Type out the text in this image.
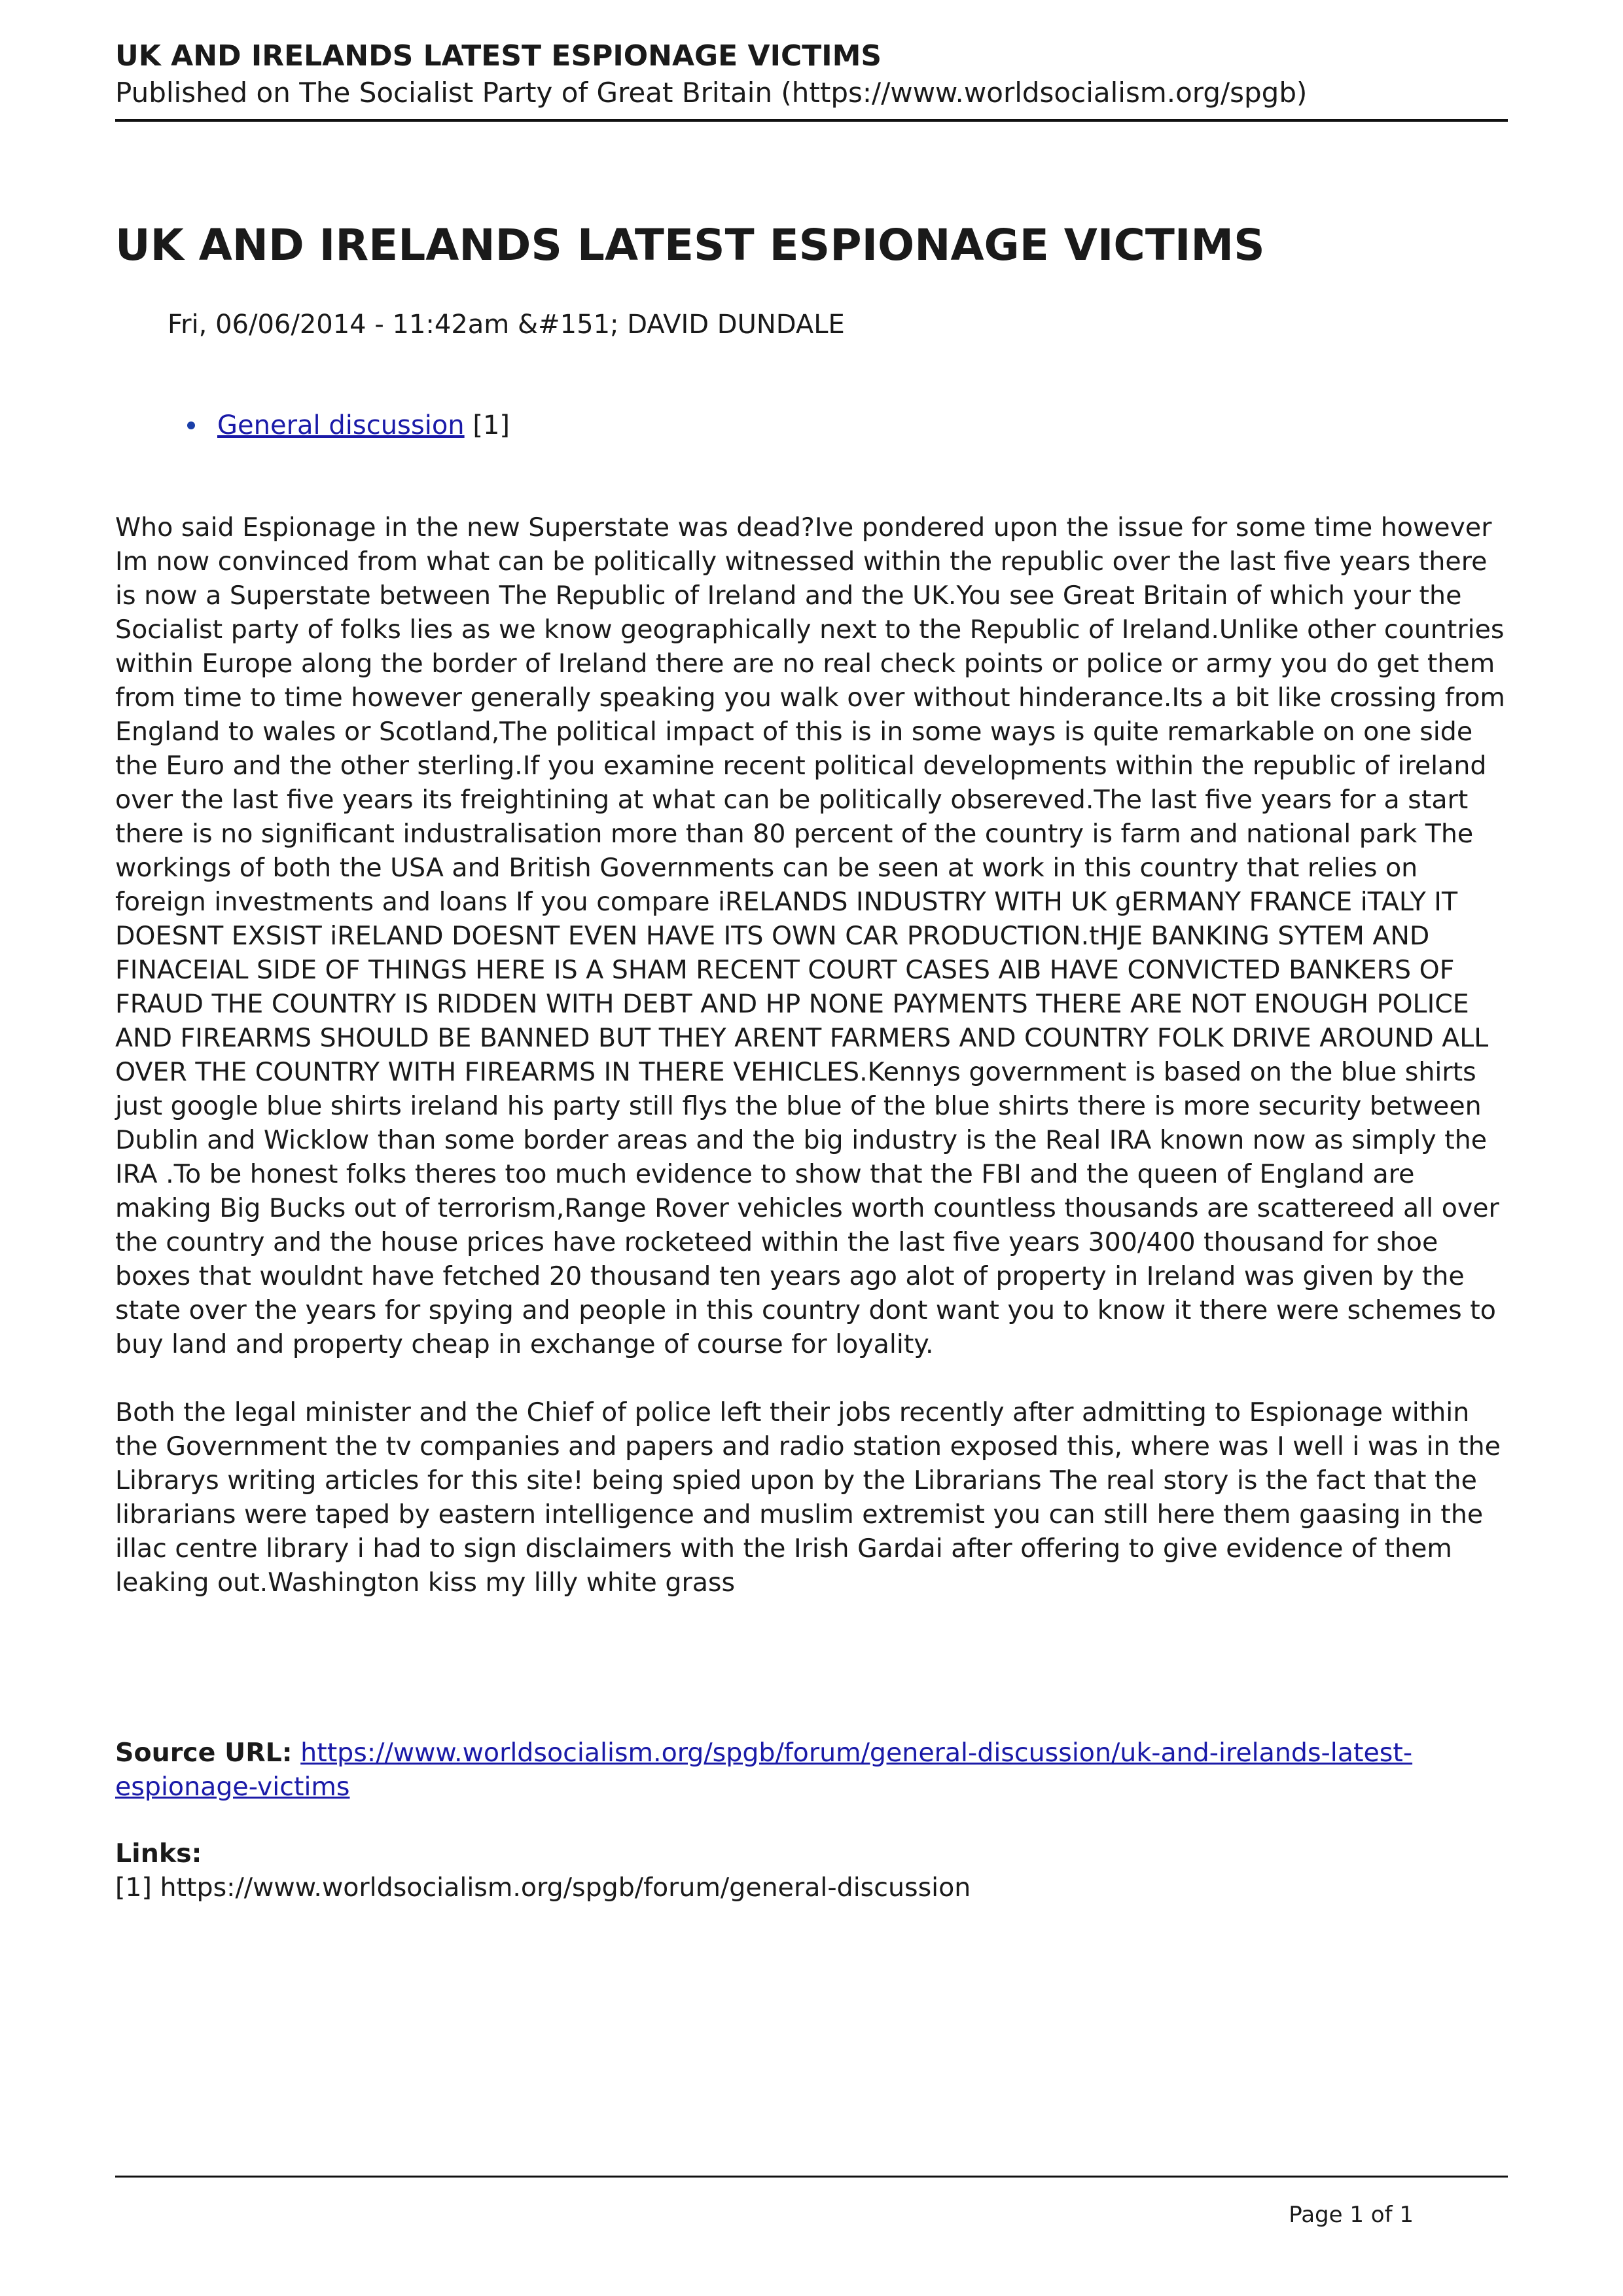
UK AND IRELANDS LATEST ESPIONAGE VICTIMS

Published on The Socialist Party of Great Britain (https://www.worldsocialism.org/spgb)

UK AND IRELANDS LATEST ESPIONAGE VICTIMS
Fri, 06/06/2014 - 11:42am &#151; DAVID DUNDALE
General discussion [1]

Who said Espionage in the new Superstate was dead?Ive pondered upon the issue for some time however Im now convinced from what can be politically witnessed within the republic over the last five years there is now a Superstate between The Republic of Ireland and the UK.You see Great Britain of which your the Socialist party of folks lies as we know geographically next to the Republic of Ireland.Unlike other countries within Europe along the border of Ireland there are no real check points or police or army you do get them from time to time however generally speaking you walk over without hinderance.Its a bit like crossing from England to wales or Scotland,The political impact of this is in some ways is quite remarkable on one side the Euro and the other sterling.If you examine recent political developments within the republic of ireland over the last five years its freightining at what can be politically obsereved.The last five years for a start there is no significant industralisation more than 80 percent of the country is farm and national park The workings of both the USA and British Governments can be seen at work in this country that relies on foreign investments and loans If you compare iRELANDS INDUSTRY WITH UK gERMANY FRANCE iTALY IT DOESNT EXSIST iRELAND DOESNT EVEN HAVE ITS OWN CAR PRODUCTION.tHJE BANKING SYTEM AND FINACEIAL SIDE OF THINGS HERE IS A SHAM RECENT COURT CASES AIB HAVE CONVICTED BANKERS OF FRAUD THE COUNTRY IS RIDDEN WITH DEBT AND HP NONE PAYMENTS THERE ARE NOT ENOUGH POLICE AND FIREARMS SHOULD BE BANNED BUT THEY ARENT FARMERS AND COUNTRY FOLK DRIVE AROUND ALL OVER THE COUNTRY WITH FIREARMS IN THERE VEHICLES.Kennys government is based on the blue shirts just google blue shirts ireland his party still flys the blue of the blue shirts there is more security between Dublin and Wicklow than some border areas and the big industry is the Real IRA known now as simply the IRA .To be honest folks theres too much evidence to show that the FBI and the queen of England are making Big Bucks out of terrorism,Range Rover vehicles worth countless thousands are scattereed all over the country and the house prices have rocketeed within the last five years 300/400 thousand for shoe boxes that wouldnt have fetched 20 thousand ten years ago alot of property in Ireland was given by the state over the years for spying and people in this country dont want you to know it there were schemes to buy land and property cheap in exchange of course for loyality.

Both the legal minister and the Chief of police left their jobs recently after admitting to Espionage within the Government the tv companies and papers and radio station exposed this, where was I well i was in the Librarys writing articles for this site! being spied upon by the Librarians The real story is the fact that the librarians were taped by eastern intelligence and muslim extremist you can still here them gaasing in the illac centre library i had to sign disclaimers with the Irish Gardai after offering to give evidence of them leaking out.Washington kiss my lilly white grass

Source URL: https://www.worldsocialism.org/spgb/forum/general-discussion/uk-and-irelands-latest-espionage-victims
Links:
[1] https://www.worldsocialism.org/spgb/forum/general-discussion
Page 1 of 1
